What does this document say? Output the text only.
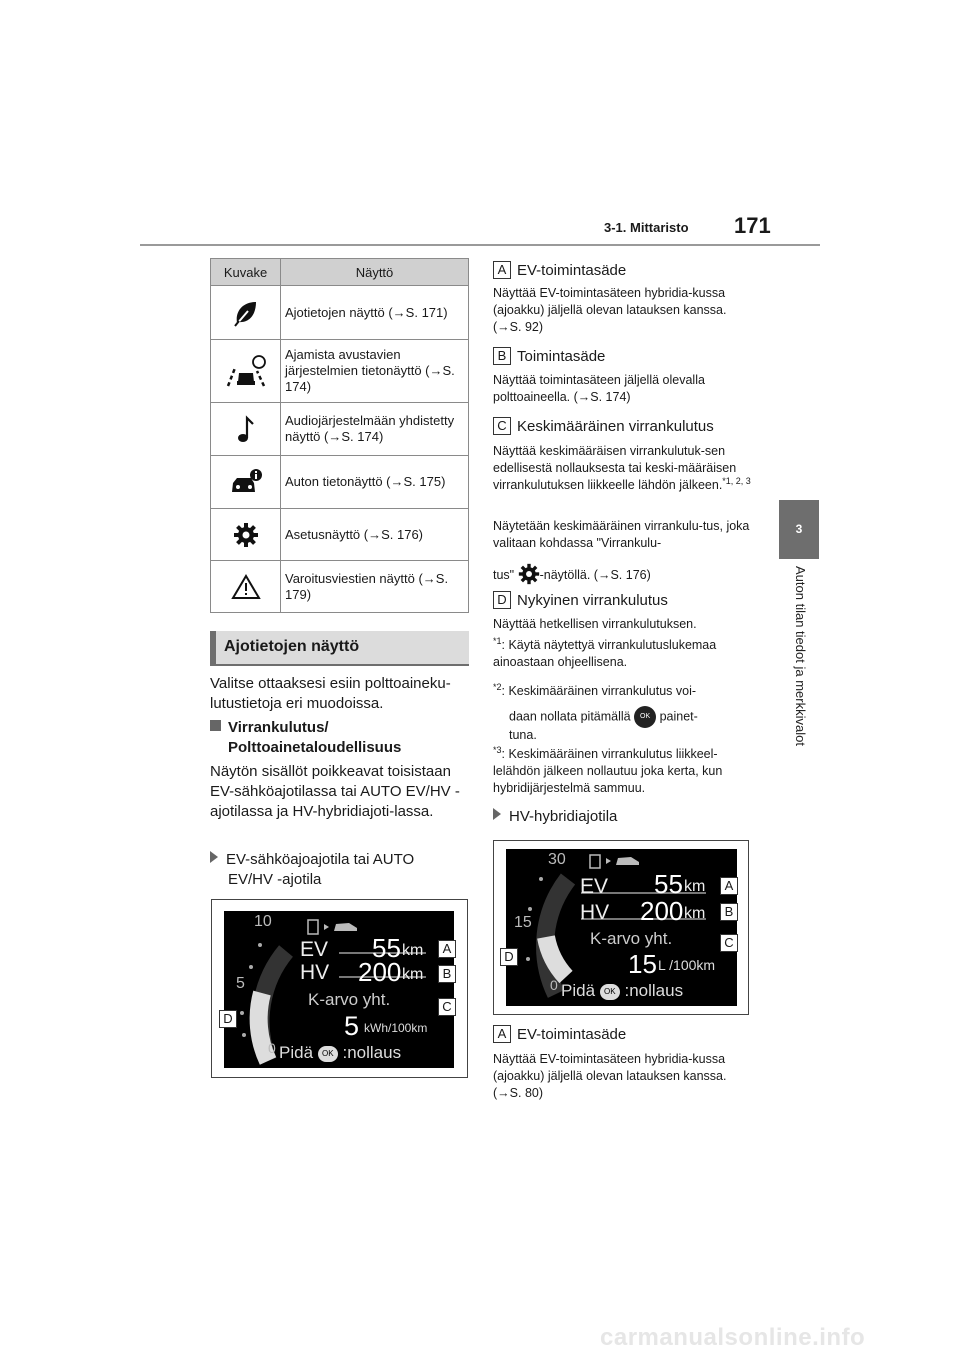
3-1. Mittaristo 171
3
Auton tilan tiedot ja merkkivalot
Kuvake	Näyttö

	Ajotietojen näyttö (→S. 171)

	Ajamista avustavien järjestelmien tietonäyttö (→S. 174)

	Audiojärjestelmään yhdistetty näyttö (→S. 174)

	Auton tietonäyttö (→S. 175)

	Asetusnäyttö (→S. 176)

	Varoitusviestien näyttö (→S. 179)
Ajotietojen näyttö
Valitse ottaaksesi esiin polttoaineku-lutustietoja eri muodoissa.
Virrankulutus/
Polttoainetaloudellisuus
Näytön sisällöt poikkeavat toisistaan EV-sähköajotilassa tai AUTO EV/HV -ajotilassa ja HV-hybridiajoti-lassa.
EV-sähköajoajotila tai AUTO
EV/HV -ajotila
10
5
0
EV 55 km
HV 200 km
K-arvo yht.
5 kWh/100km
Pidä OK :nollaus
A
B
C
D
A EV-toimintasäde
Näyttää EV-toimintasäteen hybridia-kussa (ajoakku) jäljellä olevan latauksen kanssa. (→S. 92)
B Toimintasäde
Näyttää toimintasäteen jäljellä olevalla polttoaineella. (→S. 174)
C Keskimääräinen virrankulutus
Näyttää keskimääräisen virrankulutuk-sen edellisestä nollauksesta tai keski-määräisen virrankulutuksen liikkeelle lähdön jälkeen.$^{*1, 2, 3}$
Näytetään keskimääräinen virrankulu-tus, joka valitaan kohdassa "Virrankulu-
tus" -näytöllä. (→S. 176)
D Nykyinen virrankulutus
Näyttää hetkellisen virrankulutuksen.
$^{*1}$: Käytä näytettyä virrankulutuslukemaa ainoastaan ohjeellisena.
$^{*2}$: Keskimääräinen virrankulutus voi-
daan nollata pitämällä OK painet-
tuna.
$^{*3}$: Keskimääräinen virrankulutus liikkeel-lelähdön jälkeen nollautuu joka kerta, kun hybridijärjestelmä sammuu.
HV-hybridiajotila
30
15
0
EV 55 km
HV 200 km
K-arvo yht.
15 L /100km
Pidä OK :nollaus
A
B
C
D
A EV-toimintasäde
Näyttää EV-toimintasäteen hybridia-kussa (ajoakku) jäljellä olevan latauksen kanssa. (→S. 80)
carmanualsonline.info
